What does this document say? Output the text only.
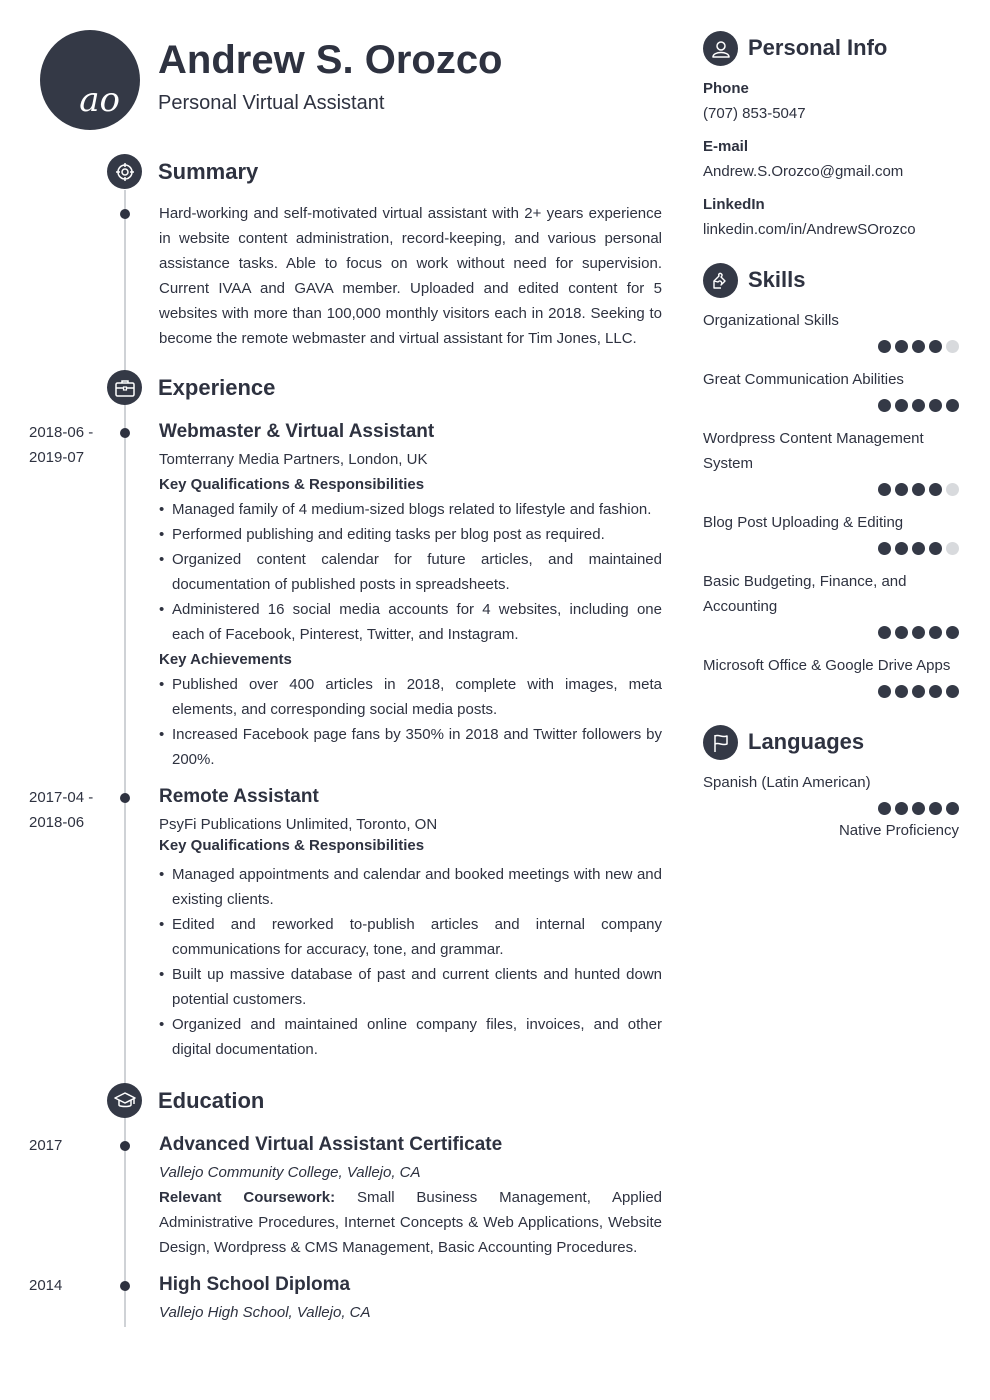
ao
Andrew S. Orozco
Personal Virtual Assistant
Summary
Hard-working and self-motivated virtual assistant with 2+ years experience in website content administration, record-keeping, and various personal assistance tasks. Able to focus on work without need for supervision. Current IVAA and GAVA member. Uploaded and edited content for 5 websites with more than 100,000 monthly visitors each in 2018. Seeking to become the remote webmaster and virtual assistant for Tim Jones, LLC.
Experience
2018-06 -
2019-07
Webmaster & Virtual Assistant
Tomterrany Media Partners, London, UK
Key Qualifications & Responsibilities
• Managed family of 4 medium-sized blogs related to lifestyle and fashion.
• Performed publishing and editing tasks per blog post as required.
• Organized content calendar for future articles, and maintained documentation of published posts in spreadsheets.
• Administered 16 social media accounts for 4 websites, including one each of Facebook, Pinterest, Twitter, and Instagram.
Key Achievements
• Published over 400 articles in 2018, complete with images, meta elements, and corresponding social media posts.
• Increased Facebook page fans by 350% in 2018 and Twitter followers by 200%.
2017-04 -
2018-06
Remote Assistant
PsyFi Publications Unlimited, Toronto, ON
Key Qualifications & Responsibilities
• Managed appointments and calendar and booked meetings with new and existing clients.
• Edited and reworked to-publish articles and internal company communications for accuracy, tone, and grammar.
• Built up massive database of past and current clients and hunted down potential customers.
• Organized and maintained online company files, invoices, and other digital documentation.
Education
2017	Advanced Virtual Assistant Certificate
Vallejo Community College, Vallejo, CA
Relevant Coursework: Small Business Management, Applied Administrative Procedures, Internet Concepts & Web Applications, Website Design, Wordpress & CMS Management, Basic Accounting Procedures.
2014	High School Diploma
Vallejo High School, Vallejo, CA
Personal Info
Phone
(707) 853-5047
E-mail
Andrew.S.Orozco@gmail.com
LinkedIn
linkedin.com/in/AndrewSOrozco
Skills
Organizational Skills
Great Communication Abilities
Wordpress Content Management System
Blog Post Uploading & Editing
Basic Budgeting, Finance, and Accounting
Microsoft Office & Google Drive Apps
Languages
Spanish (Latin American)
Native Proficiency
